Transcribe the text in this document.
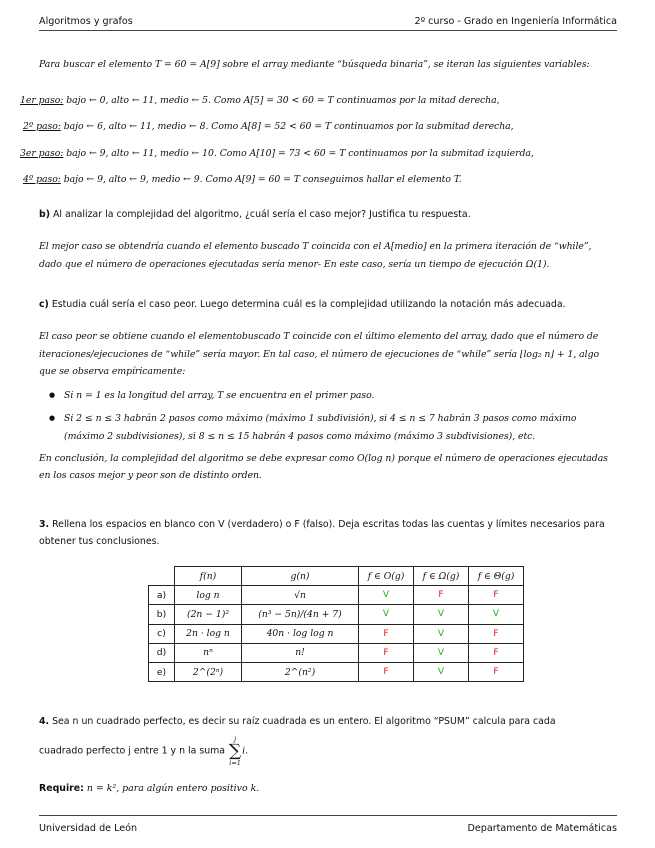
Algoritmos y grafos	2º curso - Grado en Ingeniería Informática
Para buscar el elemento T = 60 = A[9] sobre el array mediante “búsqueda binaria”, se iteran las siguientes variables:
1er paso: bajo ← 0, alto ← 11, medio ← 5. Como A[5] = 30 < 60 = T continuamos por la mitad derecha,
2º paso: bajo ← 6, alto ← 11, medio ← 8. Como A[8] = 52 < 60 = T continuamos por la submitad derecha,
3er paso: bajo ← 9, alto ← 11, medio ← 10. Como A[10] = 73 < 60 = T continuamos por la submitad izquierda,
4º paso: bajo ← 9, alto ← 9, medio ← 9. Como A[9] = 60 = T conseguimos hallar el elemento T.
b) Al analizar la complejidad del algoritmo, ¿cuál sería el caso mejor? Justifica tu respuesta.
El mejor caso se obtendría cuando el elemento buscado T coincida con el A[medio] en la primera iteración de “while”, dado que el número de operaciones ejecutadas sería menor- En este caso, sería un tiempo de ejecución Ω(1).
c) Estudia cuál sería el caso peor. Luego determina cuál es la complejidad utilizando la notación más adecuada.
El caso peor se obtiene cuando el elementobuscado T coincide con el último elemento del array, dado que el número de iteraciones/ejecuciones de “while” sería mayor. En tal caso, el número de ejecuciones de “while” sería ⌊log₂ n⌋ + 1, algo que se observa empíricamente:
● Si n = 1 es la longitud del array, T se encuentra en el primer paso.
● Si 2 ≤ n ≤ 3 habrán 2 pasos como máximo (máximo 1 subdivisión), si 4 ≤ n ≤ 7 habrán 3 pasos como máximo (máximo 2 subdivisiones), si 8 ≤ n ≤ 15 habrán 4 pasos como máximo (máximo 3 subdivisiones), etc.
En conclusión, la complejidad del algoritmo se debe expresar como O(log n) porque el número de operaciones ejecutadas en los casos mejor y peor son de distinto orden.
3. Rellena los espacios en blanco con V (verdadero) o F (falso). Deja escritas todas las cuentas y límites necesarios para obtener tus conclusiones.
	f(n)	g(n)	f ∈ O(g)	f ∈ Ω(g)	f ∈ Θ(g)
a)	log n	√n	V	F	F
b)	(2n − 1)²	(n³ − 5n)/(4n + 7)	V	V	V
c)	2n · log n	40n · log log n	F	V	F
d)	nⁿ	n!	F	V	F
e)	2^(2ⁿ)	2^(n²)	F	V	F
4. Sea n un cuadrado perfecto, es decir su raíz cuadrada es un entero. El algoritmo “PSUM” calcula para cada
cuadrado perfecto j entre 1 y n la suma
j
∑
i=1
i.
Require: n = k², para algún entero positivo k.
Universidad de León	Departamento de Matemáticas
